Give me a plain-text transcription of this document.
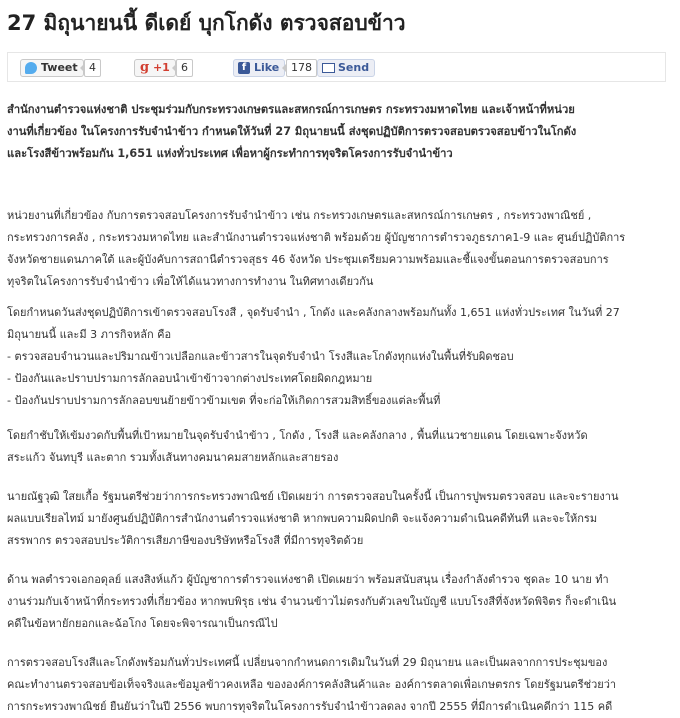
27 มิถุนายนนี้ ดีเดย์ บุกโกดัง ตรวจสอบข้าว
Tweet	4	g +1	6	f Like	178	Send
สำนักงานตำรวจแห่งชาติ ประชุมร่วมกับกระทรวงเกษตรและสหกรณ์การเกษตร กระทรวงมหาดไทย และเจ้าหน้าที่หน่วย
งานที่เกี่ยวข้อง ในโครงการรับจำนำข้าว กำหนดให้วันที่ 27 มิถุนายนนี้ ส่งชุดปฏิบัติการตรวจสอบตรวจสอบข้าวในโกดัง
และโรงสีข้าวพร้อมกัน 1,651 แห่งทั่วประเทศ เพื่อหาผู้กระทำการทุจริตโครงการรับจำนำข้าว
หน่วยงานที่เกี่ยวข้อง กับการตรวจสอบโครงการรับจำนำข้าว เช่น กระทรวงเกษตรและสหกรณ์การเกษตร , กระทรวงพาณิชย์ ,
กระทรวงการคลัง , กระทรวงมหาดไทย และสำนักงานตำรวจแห่งชาติ พร้อมด้วย ผู้บัญชาการตำรวจภูธรภาค1-9 และ ศูนย์ปฏิบัติการ
จังหวัดชายแดนภาคใต้ และผู้บังคับการสถานีตำรวจสุธร 46 จังหวัด ประชุมเตรียมความพร้อมและชี้แจงขั้นตอนการตรวจสอบการ
ทุจริตในโครงการรับจำนำข้าว เพื่อให้ได้แนวทางการทำงาน ในทิศทางเดียวกัน
โดยกำหนดวันส่งชุดปฏิบัติการเข้าตรวจสอบโรงสี , จุดรับจำนำ , โกดัง และคลังกลางพร้อมกันทั้ง 1,651 แห่งทั่วประเทศ ในวันที่ 27
มิถุนายนนี้ และมี 3 ภารกิจหลัก คือ
- ตรวจสอบจำนวนและปริมาณข้าวเปลือกและข้าวสารในจุดรับจำนำ โรงสีและโกดังทุกแห่งในพื้นที่รับผิดชอบ
- ป้องกันและปราบปรามการลักลอบนำเข้าข้าวจากต่างประเทศโดยผิดกฎหมาย
- ป้องกันปราบปรามการลักลอบขนย้ายข้าวข้ามเขต ที่จะก่อให้เกิดการสวมสิทธิ์ของแต่ละพื้นที่
โดยกำชับให้เข้มงวดกับพื้นที่เป้าหมายในจุดรับจำนำข้าว , โกดัง , โรงสี และคลังกลาง , พื้นที่แนวชายแดน โดยเฉพาะจังหวัด
สระแก้ว จันทบุรี และตาก รวมทั้งเส้นทางคมนาคมสายหลักและสายรอง
นายณัฐวุฒิ ใสยเกื้อ รัฐมนตรีช่วยว่าการกระทรวงพาณิชย์ เปิดเผยว่า การตรวจสอบในครั้งนี้ เป็นการปูพรมตรวจสอบ และจะรายงาน
ผลแบบเรียลไทม์ มายังศูนย์ปฏิบัติการสำนักงานตำรวจแห่งชาติ หากพบความผิดปกติ จะแจ้งความดำเนินคดีทันที และจะให้กรม
สรรพากร ตรวจสอบประวัติการเสียภาษีของบริษัทหรือโรงสี ที่มีการทุจริตด้วย
ด้าน พลตำรวจเอกอดุลย์ แสงสิงห์แก้ว ผู้บัญชาการตำรวจแห่งชาติ เปิดเผยว่า พร้อมสนับสนุน เรื่องกำลังตำรวจ ชุดละ 10 นาย ทำ
งานร่วมกับเจ้าหน้าที่กระทรวงที่เกี่ยวข้อง หากพบพิรุธ เช่น จำนวนข้าวไม่ตรงกับตัวเลขในบัญชี แบบโรงสีที่จังหวัดพิจิตร ก็จะดำเนิน
คดีในข้อหายักยอกและฉ้อโกง โดยจะพิจารณาเป็นกรณีไป
การตรวจสอบโรงสีและโกดังพร้อมกันทั่วประเทศนี้ เปลี่ยนจากกำหนดการเดิมในวันที่ 29 มิถุนายน และเป็นผลจากการประชุมของ
คณะทำงานตรวจสอบข้อเท็จจริงและข้อมูลข้าวคงเหลือ ขององค์การคลังสินค้าและ องค์การตลาดเพื่อเกษตรกร โดยรัฐมนตรีช่วยว่า
การกระทรวงพาณิชย์ ยืนยันว่าในปี 2556 พบการทุจริตในโครงการรับจำนำข้าวลดลง จากปี 2555 ที่มีการดำเนินคดีกว่า 115 คดี
